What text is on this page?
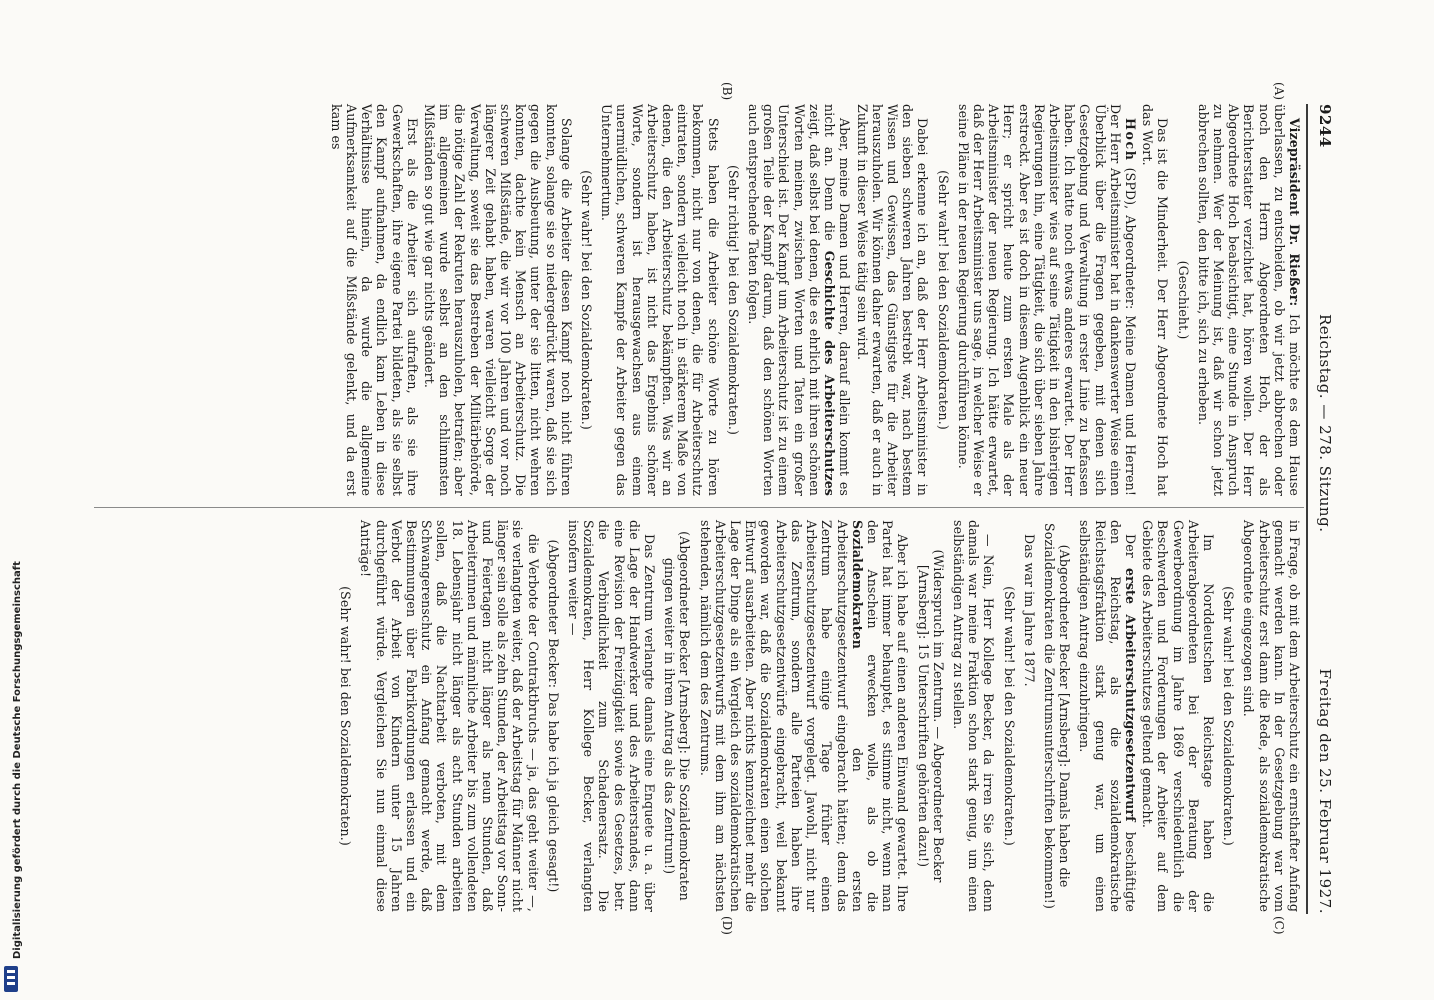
9244
Reichstag. — 278. Sitzung.
Freitag den 25. Februar 1927.
(A)
(B)
(C)
(D)

Vizepräsident Dr. Rießer: Ich möchte es dem Hause überlassen, zu entscheiden, ob wir jetzt abbrechen oder noch den Herrn Abgeordneten Hoch, der als Berichterstatter verzichtet hat, hören wollen. Der Herr Abgeordnete Hoch beabsichtigt, eine Stunde in Anspruch zu nehmen. Wer der Meinung ist, daß wir schon jetzt abbrechen sollten, den bitte ich, sich zu erheben.

(Geschieht.)

Das ist die Minderheit. Der Herr Abgeordnete Hoch hat das Wort.

Hoch (SPD), Abgeordneter: Meine Damen und Herren! Der Herr Arbeitsminister hat in dankenswerter Weise einen Überblick über die Fragen gegeben, mit denen sich Gesetzgebung und Verwaltung in erster Linie zu befassen haben. Ich hatte noch etwas anderes erwartet. Der Herr Arbeitsminister wies auf seine Tätigkeit in den bisherigen Regierungen hin, eine Tätigkeit, die sich über sieben Jahre erstreckt. Aber es ist doch in diesem Augenblick ein neuer Herr; er spricht heute zum ersten Male als der Arbeitsminister der neuen Regierung. Ich hätte erwartet, daß der Herr Arbeitsminister uns sage, in welcher Weise er seine Pläne in der neuen Regierung durchführen könne.

(Sehr wahr! bei den Sozialdemokraten.)

Dabei erkenne ich an, daß der Herr Arbeitsminister in den sieben schweren Jahren bestrebt war, nach bestem Wissen und Gewissen, das Günstigste für die Arbeiter herauszuholen. Wir können daher erwarten, daß er auch in Zukunft in dieser Weise tätig sein wird.

Aber, meine Damen und Herren, darauf allein kommt es nicht an. Denn die Geschichte des Arbeiterschutzes zeigt, daß selbst bei denen, die es ehrlich mit ihren schönen Worten meinen, zwischen Worten und Taten ein großer Unterschied ist. Der Kampf um Arbeiterschutz ist zu einem großen Teile der Kampf darum, daß den schönen Worten auch entsprechende Taten folgen.

(Sehr richtig! bei den Sozialdemokraten.)

Stets haben die Arbeiter schöne Worte zu hören bekommen, nicht nur von denen, die für Arbeiterschutz eintraten, sondern vielleicht noch in stärkerem Maße von denen, die den Arbeiterschutz bekämpften. Was wir an Arbeiterschutz haben, ist nicht das Ergebnis schöner Worte, sondern ist herausgewachsen aus einem unermüdlichen, schweren Kampfe der Arbeiter gegen das Unternehmertum.

(Sehr wahr! bei den Sozialdemokraten.)

Solange die Arbeiter diesen Kampf noch nicht führen konnten, solange sie so niedergedrückt waren, daß sie sich gegen die Ausbeutung, unter der sie litten, nicht wehren konnten, dachte kein Mensch an Arbeiterschutz. Die schweren Mißstände, die wir vor 100 Jahren und vor noch längerer Zeit gehabt haben, waren vielleicht Sorge der Verwaltung, soweit sie das Bestreben der Militärbehörde, die nötige Zahl der Rekruten herauszuholen, betrafen; aber im allgemeinen wurde selbst an den schlimmsten Mißständen so gut wie gar nichts geändert.

Erst als die Arbeiter sich aufraften, als sie ihre Gewerkschaften, ihre eigene Partei bildeten, als sie selbst den Kampf aufnahmen, da endlich kam Leben in diese Verhältnisse hinein, da wurde die allgemeine Aufmerksamkeit auf die Mißstände gelenkt, und da erst kam es

in Frage, ob mit dem Arbeiterschutz ein ernsthafter Anfang gemacht werden kann. In der Gesetzgebung war vom Arbeiterschutz erst dann die Rede, als sozialdemokratische Abgeordnete eingezogen sind.

(Sehr wahr! bei den Sozialdemokraten.)

Im Norddeutschen Reichstage haben die Arbeiterabgeordneten bei der Beratung der Gewerbeordnung im Jahre 1869 verschiedentlich die Beschwerden und Forderungen der Arbeiter auf dem Gebiete des Arbeiterschutzes geltend gemacht.

Der erste Arbeiterschutzgesetzentwurf beschäftigte den Reichstag, als die sozialdemokratische Reichstagsfraktion stark genug war, um einen selbständigen Antrag einzubringen.

(Abgeordneter Becker [Arnsberg]: Damals haben die Sozialdemokraten die Zentrumsunterschriften bekommen!)

Das war im Jahre 1877.

(Sehr wahr! bei den Sozialdemokraten.)

— Nein, Herr Kollege Becker, da irren Sie sich, denn damals war meine Fraktion schon stark genug, um einen selbständigen Antrag zu stellen.

(Widerspruch im Zentrum. — Abgeordneter Becker [Arnsberg]: 15 Unterschriften gehörten dazu!)

Aber ich habe auf einen anderen Einwand gewartet. Ihre Partei hat immer behauptet, es stimme nicht, wenn man den Anschein erwecken wolle, als ob die Sozialdemokraten den ersten Arbeiterschutzgesetzentwurf eingebracht hätten; denn das Zentrum habe einige Tage früher einen Arbeiterschutzgesetzentwurf vorgelegt. Jawohl, nicht nur das Zentrum, sondern alle Parteien haben ihre Arbeiterschutzgesetzentwürfe eingebracht, weil bekannt geworden war, daß die Sozialdemokraten einen solchen Entwurf ausarbeiteten. Aber nichts kennzeichnet mehr die Lage der Dinge als ein Vergleich des sozialdemokratischen Arbeiterschutzgesetzentwurfs mit dem ihm am nächsten stehenden, nämlich dem des Zentrums.

(Abgeordneter Becker [Arnsberg]: Die Sozialdemokraten gingen weiter in ihrem Antrag als das Zentrum!)

Das Zentrum verlangte damals eine Enquete u. a. über die Lage der Handwerker und des Arbeiterstandes, dann eine Revision der Freizügigkeit sowie des Gesetzes, betr. die Verbindlichkeit zum Schadenersatz. Die Sozialdemokraten, Herr Kollege Becker, verlangten insofern weiter —

(Abgeordneter Becker: Das habe ich ja gleich gesagt!)

die Verbote der Contraktbruchs — ja, das geht weiter —, sie verlangten weiter, daß der Arbeitstag für Männer nicht länger sein solle als zehn Stunden, der Arbeitstag vor Sonn- und Feiertagen nicht länger als neun Stunden, daß Arbeiterinnen und männliche Arbeiter bis zum vollendeten 18. Lebensjahr nicht länger als acht Stunden arbeiten sollen, daß die Nachtarbeit verboten, mit dem Schwangerenschutz ein Anfang gemacht werde, daß Bestimmungen über Fabrikordnungen erlassen und ein Verbot der Arbeit von Kindern unter 15 Jahren durchgeführt würde. Vergleichen Sie nun einmal diese Anträge!

(Sehr wahr! bei den Sozialdemokraten.)

Digitalisierung gefördert durch die Deutsche Forschungsgemeinschaft
